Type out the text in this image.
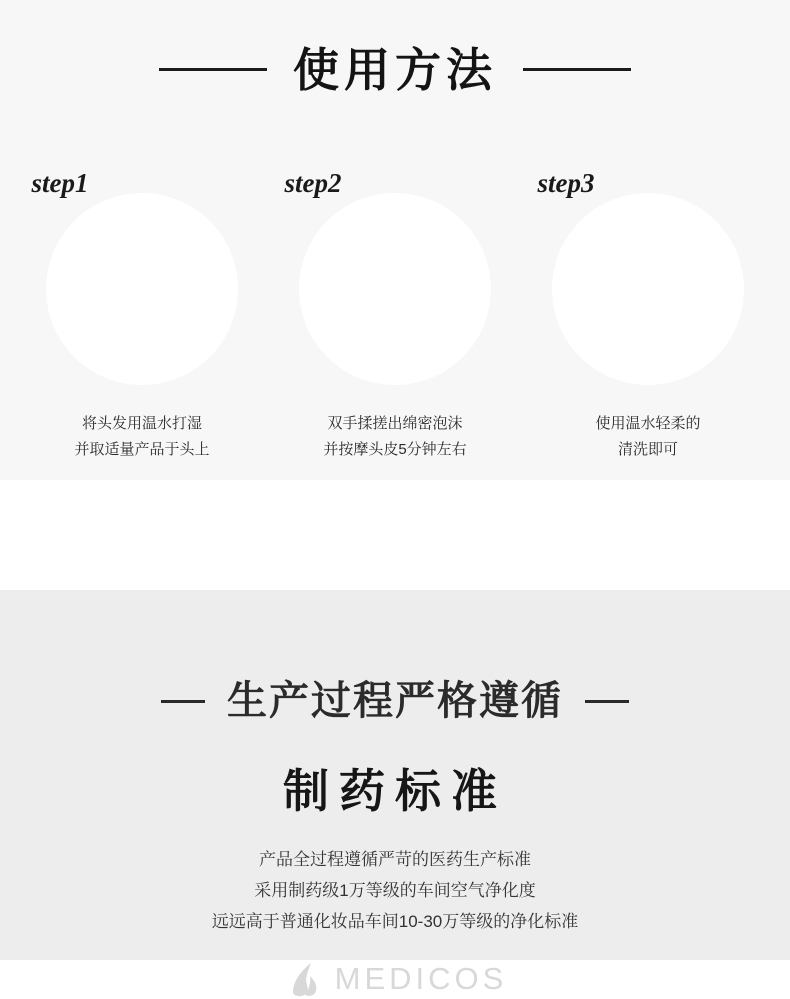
使用方法
step1
将头发用温水打湿
并取适量产品于头上
step2
双手揉搓出绵密泡沫
并按摩头皮5分钟左右
step3
使用温水轻柔的
清洗即可
生产过程严格遵循
制药标准
产品全过程遵循严苛的医药生产标准
采用制药级1万等级的车间空气净化度
远远高于普通化妆品车间10-30万等级的净化标准
MEDICOS
